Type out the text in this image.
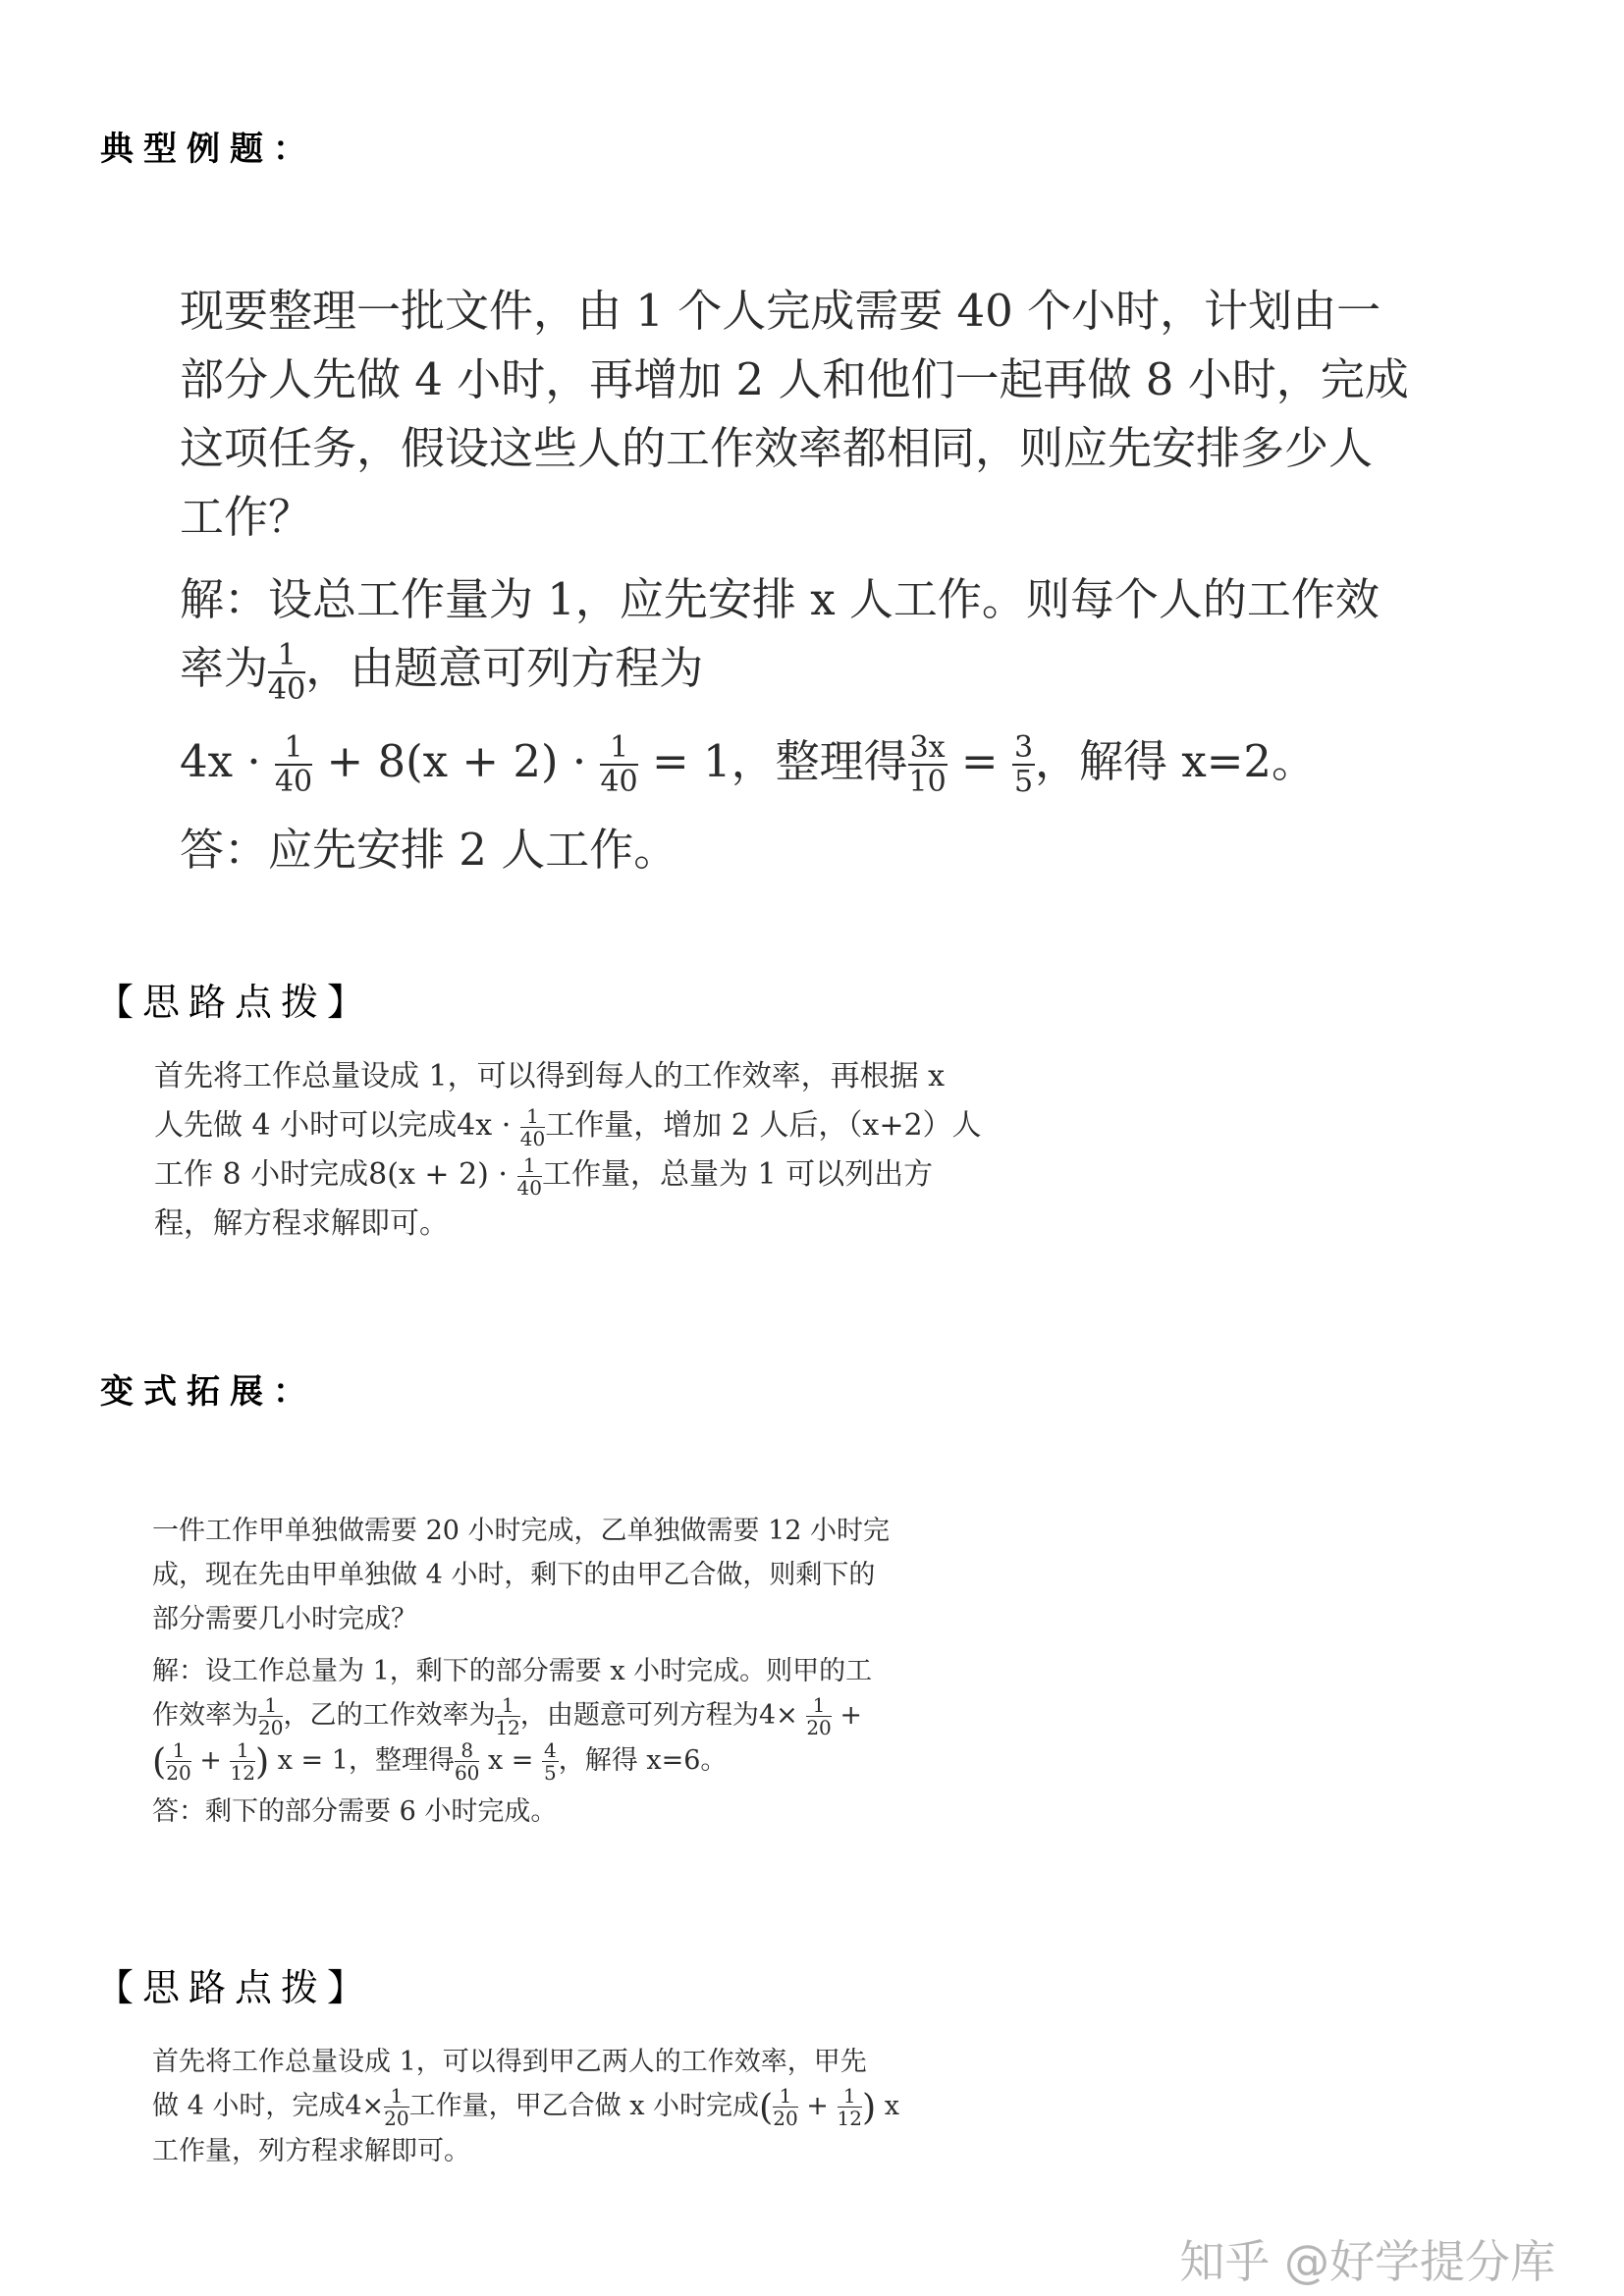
典型例题：

现要整理一批文件，由 1 个人完成需要 40 个小时，计划由一

部分人先做 4 小时，再增加 2 人和他们一起再做 8 小时，完成

这项任务，假设这些人的工作效率都相同，则应先安排多少人

工作？

解：设总工作量为 1，应先安排 x 人工作。则每个人的工作效

率为 $\frac{1}{40}$ ，由题意可列方程为

$4x \cdot \frac{1}{40} + 8(x + 2) \cdot \frac{1}{40} = 1$，整理得 $\frac{3x}{10} = \frac{3}{5}$ ，解得 x=2。

答：应先安排 2 人工作。

【思路点拨】

首先将工作总量设成 1，可以得到每人的工作效率，再根据 x

人先做 4 小时可以完成$4x \cdot \frac{1}{40}$ 工作量，增加 2 人后，（x+2）人

工作 8 小时完成$8(x + 2) \cdot \frac{1}{40}$ 工作量，总量为 1 可以列出方

程，解方程求解即可。

变式拓展：

一件工作甲单独做需要 20 小时完成，乙单独做需要 12 小时完

成，现在先由甲单独做 4 小时，剩下的由甲乙合做，则剩下的

部分需要几小时完成？

解：设工作总量为 1，剩下的部分需要 x 小时完成。则甲的工

作效率为 $\frac{1}{20}$ ，乙的工作效率为 $\frac{1}{12}$ ，由题意可列方程为$4\times \frac{1}{20}$ +

( $\frac{1}{20} + \frac{1}{12}$ ) x = 1，整理得 $\frac{8}{60}$ $x = \frac{4}{5}$ ，解得 x=6。

答：剩下的部分需要 6 小时完成。

【思路点拨】

首先将工作总量设成 1，可以得到甲乙两人的工作效率，甲先

做 4 小时，完成$4\times \frac{1}{20}$ 工作量，甲乙合做 x 小时完成( $\frac{1}{20} + \frac{1}{12}$ ) x

工作量，列方程求解即可。

知乎 @好学提分库
